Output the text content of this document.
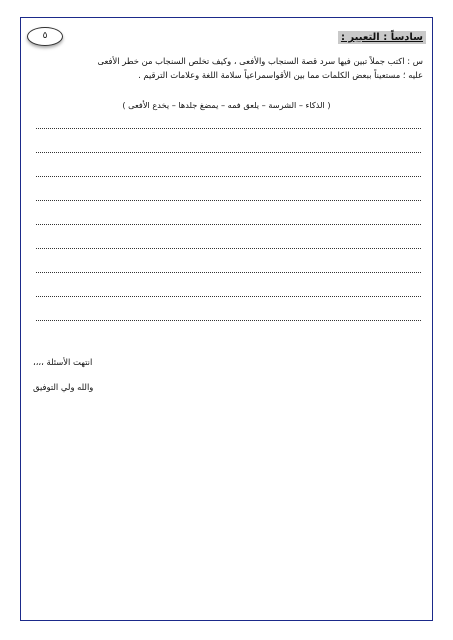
٥	سادساً : التعبير :

س : اكتب جملاً تبين فيها سرد قصة السنجاب والأفعى ، وكيف تخلص السنجاب من خطر الأفعى

عليه ؛ مستعيناً ببعض الكلمات مما بين الأقواسمراعياً سلامة اللغة وعلامات الترقيم .

( الذكاء – الشرسة – يلعق فمه – يمضغ جلدها – يخدع الأفعى )
انتهت الأسئلة ،،،،
والله ولي التوفيق
